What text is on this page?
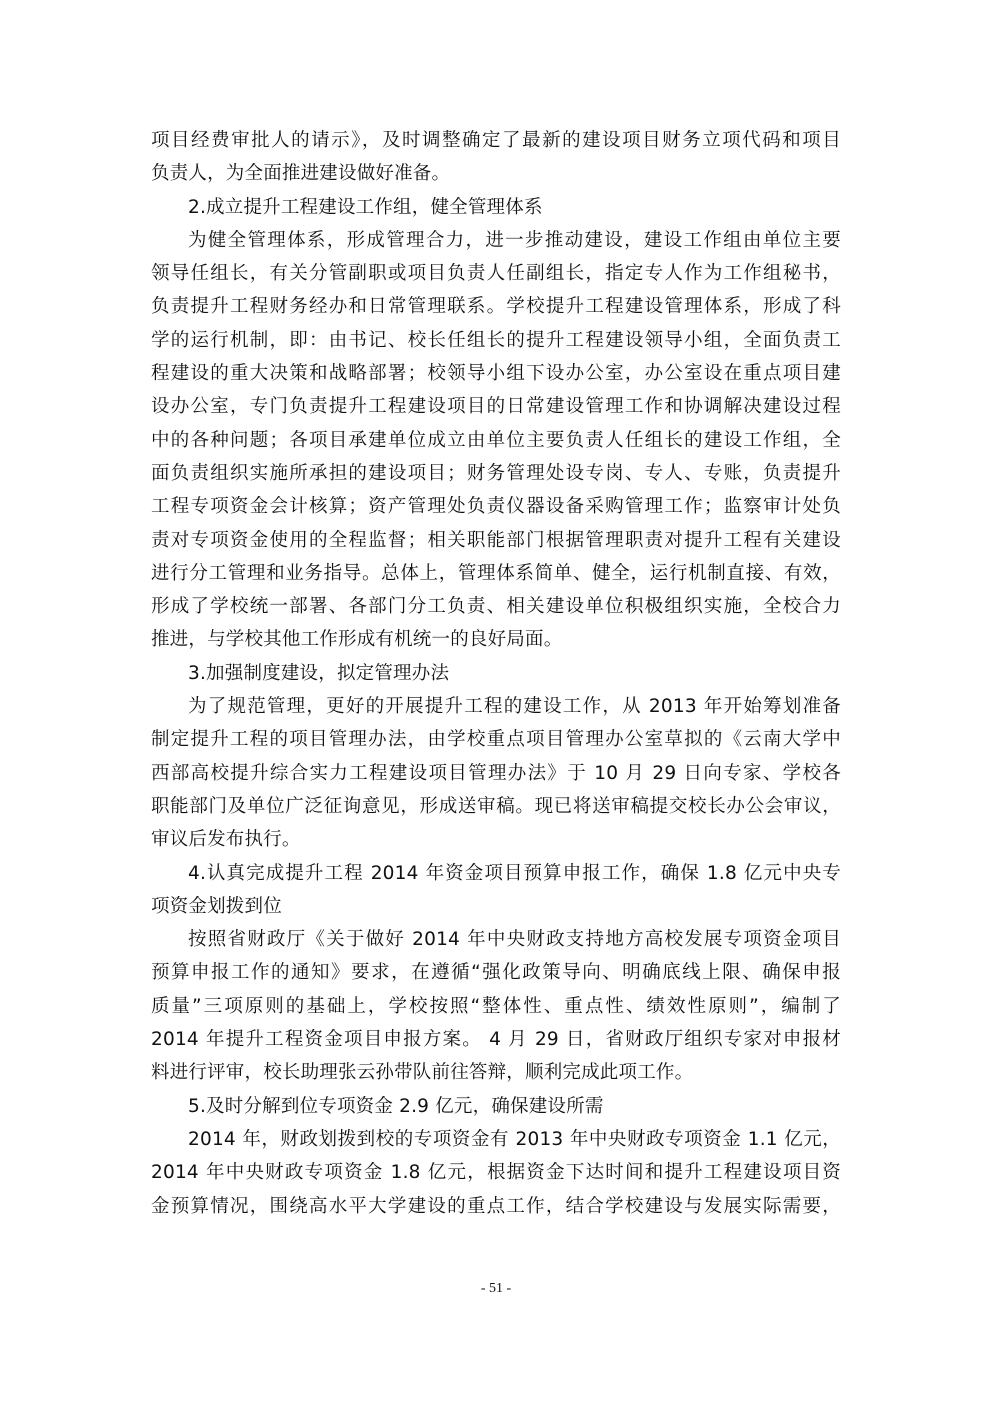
项目经费审批人的请示》，及时调整确定了最新的建设项目财务立项代码和项目
负责人，为全面推进建设做好准备。
2.成立提升工程建设工作组，健全管理体系
为健全管理体系，形成管理合力，进一步推动建设，建设工作组由单位主要
领导任组长，有关分管副职或项目负责人任副组长，指定专人作为工作组秘书，
负责提升工程财务经办和日常管理联系。学校提升工程建设管理体系，形成了科
学的运行机制，即：由书记、校长任组长的提升工程建设领导小组，全面负责工
程建设的重大决策和战略部署；校领导小组下设办公室，办公室设在重点项目建
设办公室，专门负责提升工程建设项目的日常建设管理工作和协调解决建设过程
中的各种问题；各项目承建单位成立由单位主要负责人任组长的建设工作组，全
面负责组织实施所承担的建设项目；财务管理处设专岗、专人、专账，负责提升
工程专项资金会计核算；资产管理处负责仪器设备采购管理工作；监察审计处负
责对专项资金使用的全程监督；相关职能部门根据管理职责对提升工程有关建设
进行分工管理和业务指导。总体上，管理体系简单、健全，运行机制直接、有效，
形成了学校统一部署、各部门分工负责、相关建设单位积极组织实施，全校合力
推进，与学校其他工作形成有机统一的良好局面。
3.加强制度建设，拟定管理办法
为了规范管理，更好的开展提升工程的建设工作，从 2013 年开始筹划准备
制定提升工程的项目管理办法，由学校重点项目管理办公室草拟的《云南大学中
西部高校提升综合实力工程建设项目管理办法》于 10 月 29 日向专家、学校各
职能部门及单位广泛征询意见，形成送审稿。现已将送审稿提交校长办公会审议，
审议后发布执行。
4.认真完成提升工程 2014 年资金项目预算申报工作，确保 1.8 亿元中央专
项资金划拨到位
按照省财政厅《关于做好 2014 年中央财政支持地方高校发展专项资金项目
预算申报工作的通知》要求，在遵循“强化政策导向、明确底线上限、确保申报
质量”三项原则的基础上，学校按照“整体性、重点性、绩效性原则”，编制了
2014 年提升工程资金项目申报方案。 4 月 29 日，省财政厅组织专家对申报材
料进行评审，校长助理张云孙带队前往答辩，顺利完成此项工作。
5.及时分解到位专项资金 2.9 亿元，确保建设所需
2014 年，财政划拨到校的专项资金有 2013 年中央财政专项资金 1.1 亿元，
2014 年中央财政专项资金 1.8 亿元，根据资金下达时间和提升工程建设项目资
金预算情况，围绕高水平大学建设的重点工作，结合学校建设与发展实际需要，
- 51 -
